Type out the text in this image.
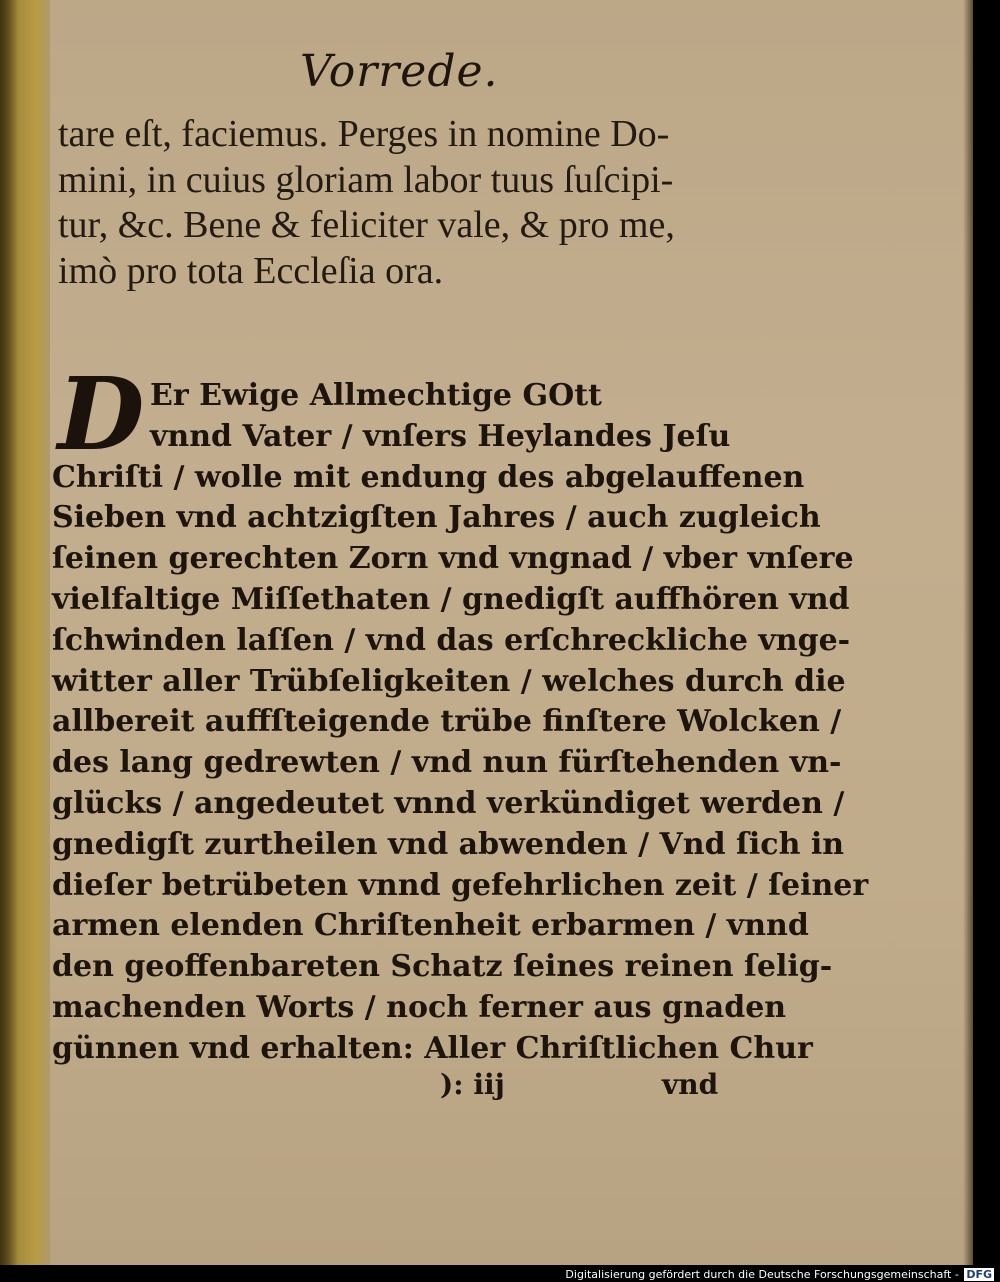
Vorrede.
tare eſt, faciemus. Perges in nomine Do-
mini, in cuius gloriam labor tuus ſuſcipi-
tur, &c. Bene & feliciter vale, & pro me,
imò pro tota Eccleſia ora.
D Er Ewige Allmechtige GOtt
vnnd Vater / vnſers Heylandes Jeſu
Chriſti / wolle mit endung des abgelauffenen
Sieben vnd achtzigſten Jahres / auch zugleich
ſeinen gerechten Zorn vnd vngnad / vber vnſere
vielfaltige Miſſethaten / gnedigſt auffhören vnd
ſchwinden laſſen / vnd das erſchreckliche vnge-
witter aller Trübſeligkeiten / welches durch die
allbereit auffſteigende trübe finſtere Wolcken /
des lang gedrewten / vnd nun fürſtehenden vn-
glücks / angedeutet vnnd verkündiget werden /
gnedigſt zurtheilen vnd abwenden / Vnd ſich in
dieſer betrübeten vnnd gefehrlichen zeit / ſeiner
armen elenden Chriſtenheit erbarmen / vnnd
den geoffenbareten Schatz ſeines reinen ſelig-
machenden Worts / noch ferner aus gnaden
günnen vnd erhalten: Aller Chriſtlichen Chur
): iij	vnd
Digitalisierung gefördert durch die Deutsche Forschungsgemeinschaft - DFG
